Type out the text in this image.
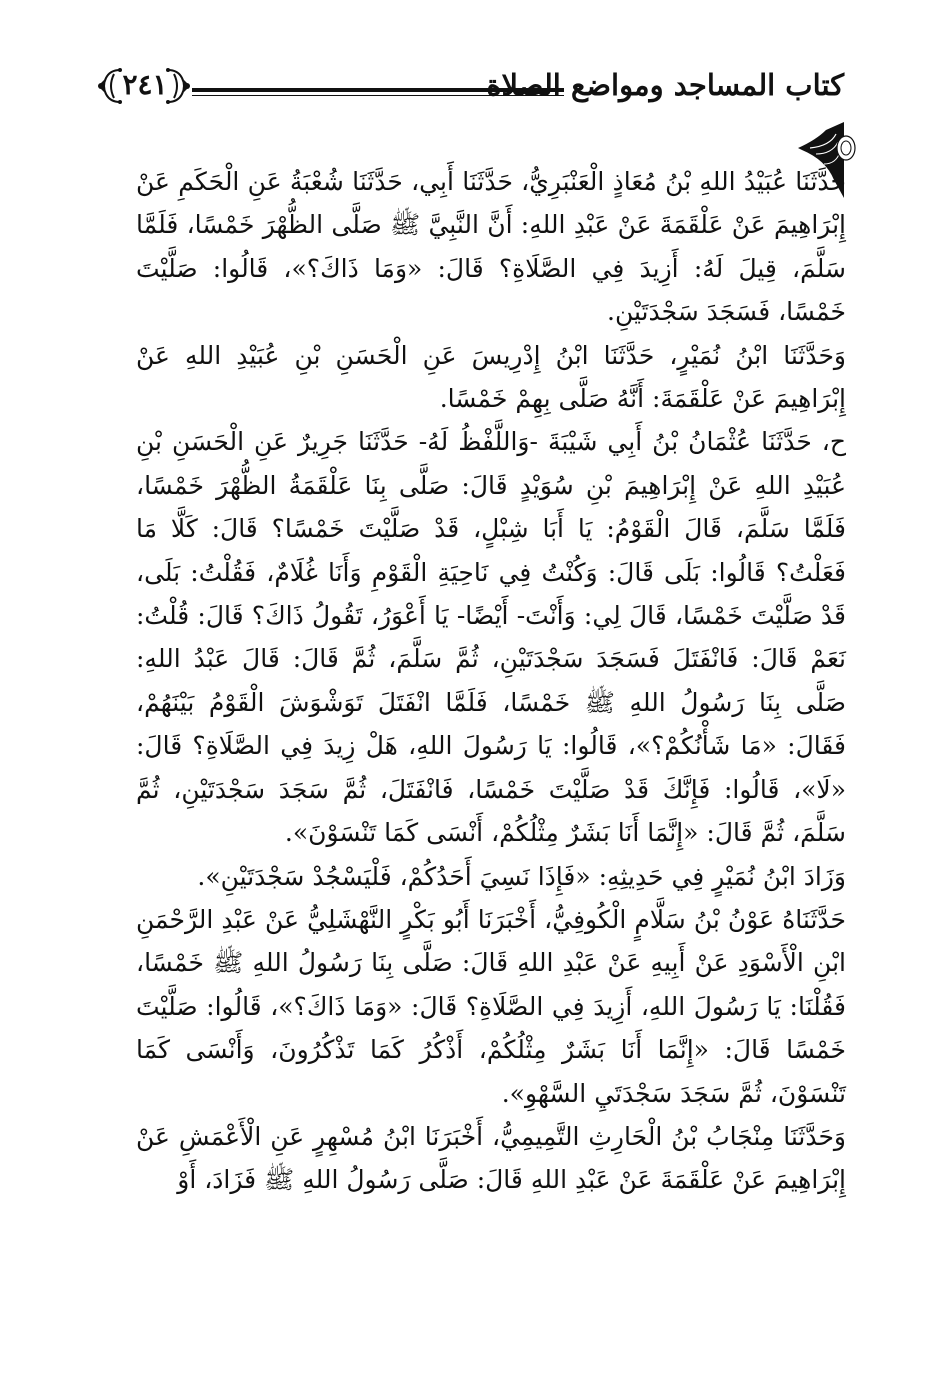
كتاب المساجد ومواضع الصلاة
٢٤١

حَدَّثَنَا عُبَيْدُ اللهِ بْنُ مُعَاذٍ الْعَنْبَرِيُّ، حَدَّثَنَا أَبِي، حَدَّثَنَا شُعْبَةُ عَنِ الْحَكَمِ عَنْ إِبْرَاهِيمَ عَنْ عَلْقَمَةَ عَنْ عَبْدِ اللهِ: أَنَّ النَّبِيَّ ﷺ صَلَّى الظُّهْرَ خَمْسًا، فَلَمَّا سَلَّمَ، قِيلَ لَهُ: أَزِيدَ فِي الصَّلَاةِ؟ قَالَ: «وَمَا ذَاكَ؟»، قَالُوا: صَلَّيْتَ خَمْسًا، فَسَجَدَ سَجْدَتَيْنِ.

وَحَدَّثَنَا ابْنُ نُمَيْرٍ، حَدَّثَنَا ابْنُ إِدْرِيسَ عَنِ الْحَسَنِ بْنِ عُبَيْدِ اللهِ عَنْ إِبْرَاهِيمَ عَنْ عَلْقَمَةَ: أَنَّهُ صَلَّى بِهِمْ خَمْسًا.

ح، حَدَّثَنَا عُثْمَانُ بْنُ أَبِي شَيْبَةَ -وَاللَّفْظُ لَهُ- حَدَّثَنَا جَرِيرٌ عَنِ الْحَسَنِ بْنِ عُبَيْدِ اللهِ عَنْ إِبْرَاهِيمَ بْنِ سُوَيْدٍ قَالَ: صَلَّى بِنَا عَلْقَمَةُ الظُّهْرَ خَمْسًا، فَلَمَّا سَلَّمَ، قَالَ الْقَوْمُ: يَا أَبَا شِبْلٍ، قَدْ صَلَّيْتَ خَمْسًا؟ قَالَ: كَلَّا مَا فَعَلْتُ؟ قَالُوا: بَلَى قَالَ: وَكُنْتُ فِي نَاحِيَةِ الْقَوْمِ وَأَنَا غُلَامٌ، فَقُلْتُ: بَلَى، قَدْ صَلَّيْتَ خَمْسًا، قَالَ لِي: وَأَنْتَ- أَيْضًا- يَا أَعْوَرُ، تَقُولُ ذَاكَ؟ قَالَ: قُلْتُ: نَعَمْ قَالَ: فَانْفَتَلَ فَسَجَدَ سَجْدَتَيْنِ، ثُمَّ سَلَّمَ، ثُمَّ قَالَ: قَالَ عَبْدُ اللهِ: صَلَّى بِنَا رَسُولُ اللهِ ﷺ خَمْسًا، فَلَمَّا انْفَتَلَ تَوَشْوَشَ الْقَوْمُ بَيْنَهُمْ، فَقَالَ: «مَا شَأْنُكُمْ؟»، قَالُوا: يَا رَسُولَ اللهِ، هَلْ زِيدَ فِي الصَّلَاةِ؟ قَالَ: «لَا»، قَالُوا: فَإِنَّكَ قَدْ صَلَّيْتَ خَمْسًا، فَانْفَتَلَ، ثُمَّ سَجَدَ سَجْدَتَيْنِ، ثُمَّ سَلَّمَ، ثُمَّ قَالَ: «إِنَّمَا أَنَا بَشَرٌ مِثْلُكُمْ، أَنْسَى كَمَا تَنْسَوْنَ».

وَزَادَ ابْنُ نُمَيْرٍ فِي حَدِيثِهِ: «فَإِذَا نَسِيَ أَحَدُكُمْ، فَلْيَسْجُدْ سَجْدَتَيْنِ».

حَدَّثَنَاهُ عَوْنُ بْنُ سَلَّامٍ الْكُوفِيُّ، أَخْبَرَنَا أَبُو بَكْرٍ النَّهْشَلِيُّ عَنْ عَبْدِ الرَّحْمَنِ ابْنِ الْأَسْوَدِ عَنْ أَبِيهِ عَنْ عَبْدِ اللهِ قَالَ: صَلَّى بِنَا رَسُولُ اللهِ ﷺ خَمْسًا، فَقُلْنَا: يَا رَسُولَ اللهِ، أَزِيدَ فِي الصَّلَاةِ؟ قَالَ: «وَمَا ذَاكَ؟»، قَالُوا: صَلَّيْتَ خَمْسًا قَالَ: «إِنَّمَا أَنَا بَشَرٌ مِثْلُكُمْ، أَذْكُرُ كَمَا تَذْكُرُونَ، وَأَنْسَى كَمَا تَنْسَوْنَ، ثُمَّ سَجَدَ سَجْدَتَيِ السَّهْوِ».

وَحَدَّثَنَا مِنْجَابُ بْنُ الْحَارِثِ التَّمِيمِيُّ، أَخْبَرَنَا ابْنُ مُسْهِرٍ عَنِ الْأَعْمَشِ عَنْ إِبْرَاهِيمَ عَنْ عَلْقَمَةَ عَنْ عَبْدِ اللهِ قَالَ: صَلَّى رَسُولُ اللهِ ﷺ فَزَادَ، أَوْ
